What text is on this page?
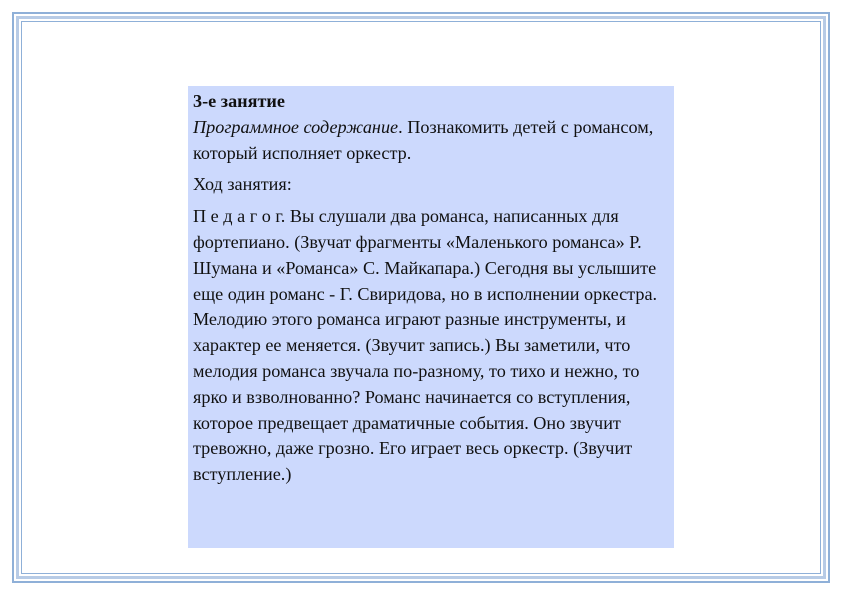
3-е занятие

Программное содержание. Познакомить детей с романсом, который исполняет оркестр.

Ход занятия:

П е д а г о г. Вы слушали два романса, написанных для фортепиано. (Звучат фрагменты «Маленького романса» Р. Шумана и «Романса» С. Майкапара.) Сегодня вы услышите еще один романс - Г. Свиридова, но в исполнении оркестра. Мелодию этого романса играют разные инструменты, и характер ее меняется. (Звучит запись.) Вы заметили, что мелодия романса звучала по-разному, то тихо и нежно, то ярко и взволнованно? Романс начинается со вступления, которое предвещает драматичные события. Оно звучит тревожно, даже грозно. Его играет весь оркестр. (Звучит вступление.)
